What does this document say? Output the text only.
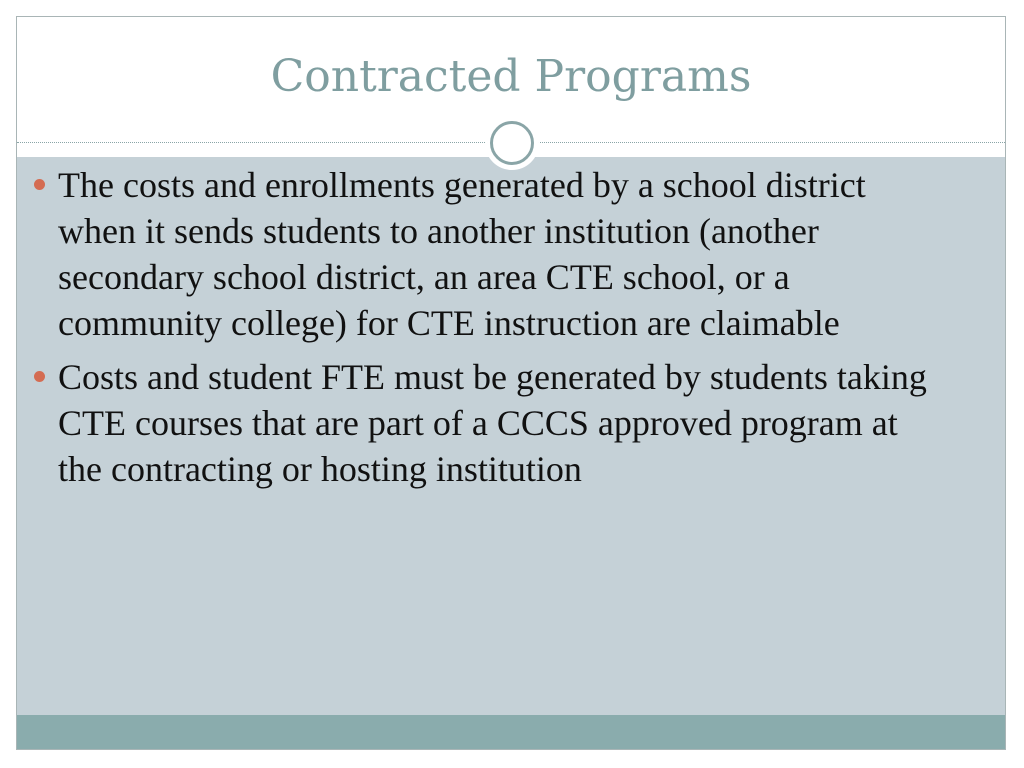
Contracted Programs
The costs and enrollments generated by a school district when it sends students to another institution (another secondary school district, an area CTE school, or a community college) for CTE instruction are claimable
Costs and student FTE must be generated by students taking CTE courses that are part of a CCCS approved program at the contracting or hosting institution
